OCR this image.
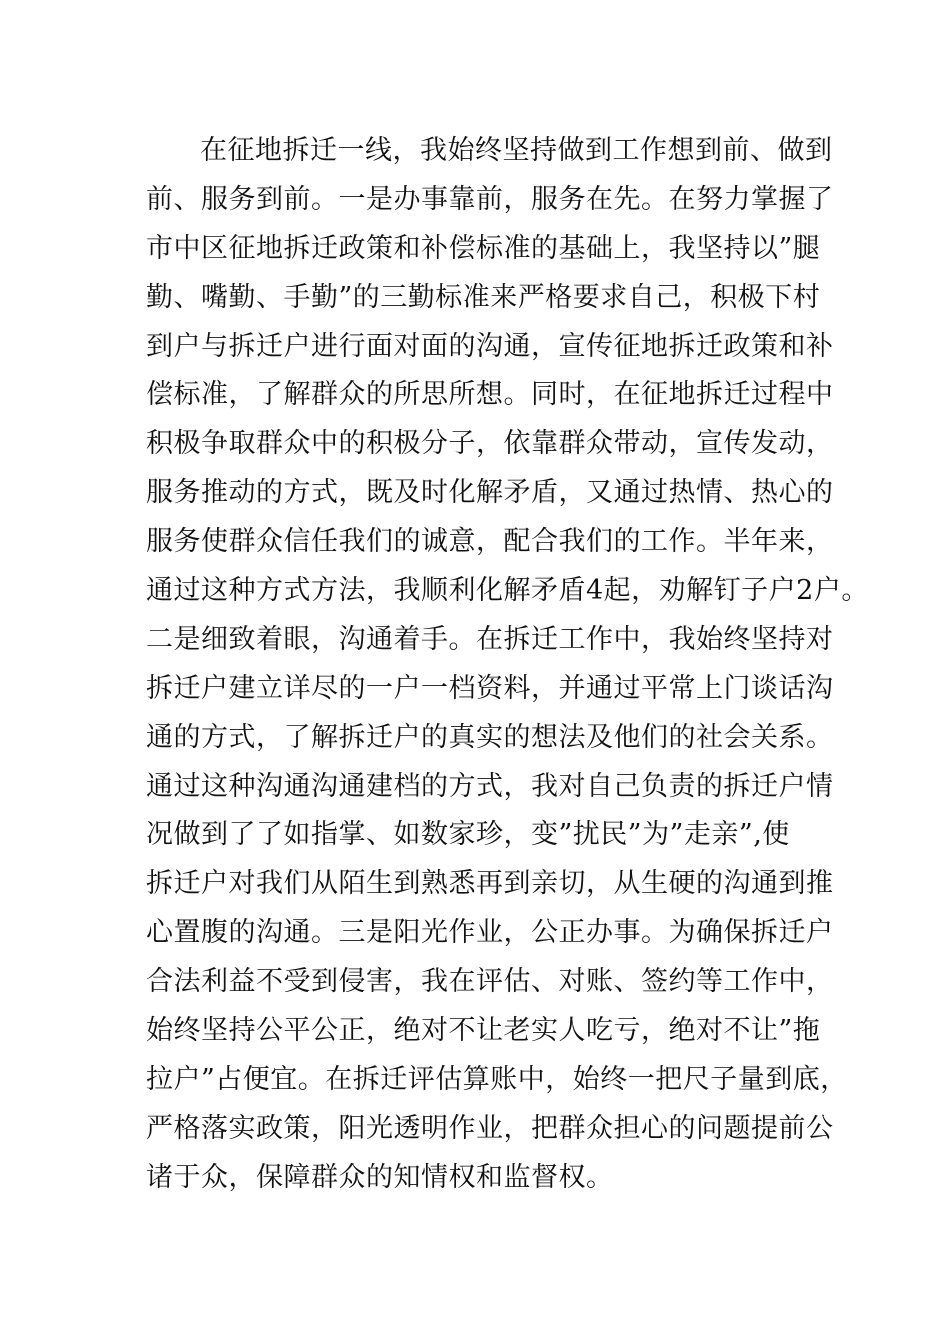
在征地拆迁一线，我始终坚持做到工作想到前、做到
前、服务到前。一是办事靠前，服务在先。在努力掌握了
市中区征地拆迁政策和补偿标准的基础上，我坚持以”腿
勤、嘴勤、手勤”的三勤标准来严格要求自己，积极下村
到户与拆迁户进行面对面的沟通，宣传征地拆迁政策和补
偿标准，了解群众的所思所想。同时，在征地拆迁过程中
积极争取群众中的积极分子，依靠群众带动，宣传发动，
服务推动的方式，既及时化解矛盾，又通过热情、热心的
服务使群众信任我们的诚意，配合我们的工作。半年来，
通过这种方式方法，我顺利化解矛盾4起，劝解钉子户2户。
二是细致着眼，沟通着手。在拆迁工作中，我始终坚持对
拆迁户建立详尽的一户一档资料，并通过平常上门谈话沟
通的方式，了解拆迁户的真实的想法及他们的社会关系。
通过这种沟通沟通建档的方式，我对自己负责的拆迁户情
况做到了了如指掌、如数家珍，变”扰民”为”走亲”,使
拆迁户对我们从陌生到熟悉再到亲切，从生硬的沟通到推
心置腹的沟通。三是阳光作业，公正办事。为确保拆迁户
合法利益不受到侵害，我在评估、对账、签约等工作中，
始终坚持公平公正，绝对不让老实人吃亏，绝对不让”拖
拉户”占便宜。在拆迁评估算账中，始终一把尺子量到底，
严格落实政策，阳光透明作业，把群众担心的问题提前公
诸于众，保障群众的知情权和监督权。
